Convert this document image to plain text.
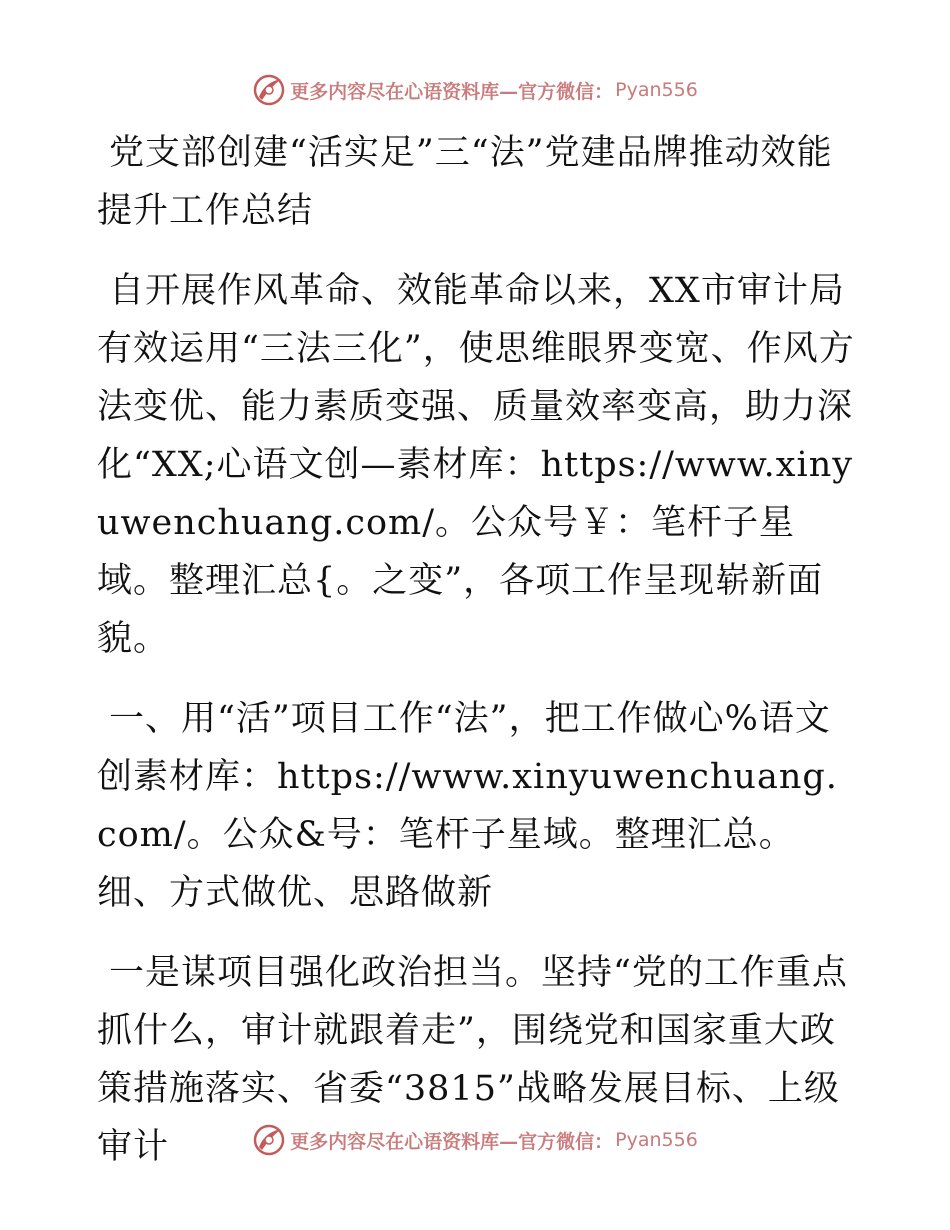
更多内容尽在心语资料库—官方微信： Pyan556

党支部创建“活实足”三“法”党建品牌推动效能提升工作总结

自开展作风革命、效能革命以来，XX市审计局有效运用“三法三化”，使思维眼界变宽、作风方法变优、能力素质变强、质量效率变高，助力深化“XX;心语文创—素材库：https://www.xinyuwenchuang.com/。公众号￥：笔杆子星域。整理汇总{。之变”，各项工作呈现崭新面貌。

一、用“活”项目工作“法”，把工作做心%语文创素材库：https://www.xinyuwenchuang.com/。公众&号：笔杆子星域。整理汇总。细、方式做优、思路做新

一是谋项目强化政治担当。坚持“党的工作重点抓什么，审计就跟着走”，围绕党和国家重大政策措施落实、省委“3815”战略发展目标、上级审计	更多内容尽在心语资料库—官方微信： Pyan556
